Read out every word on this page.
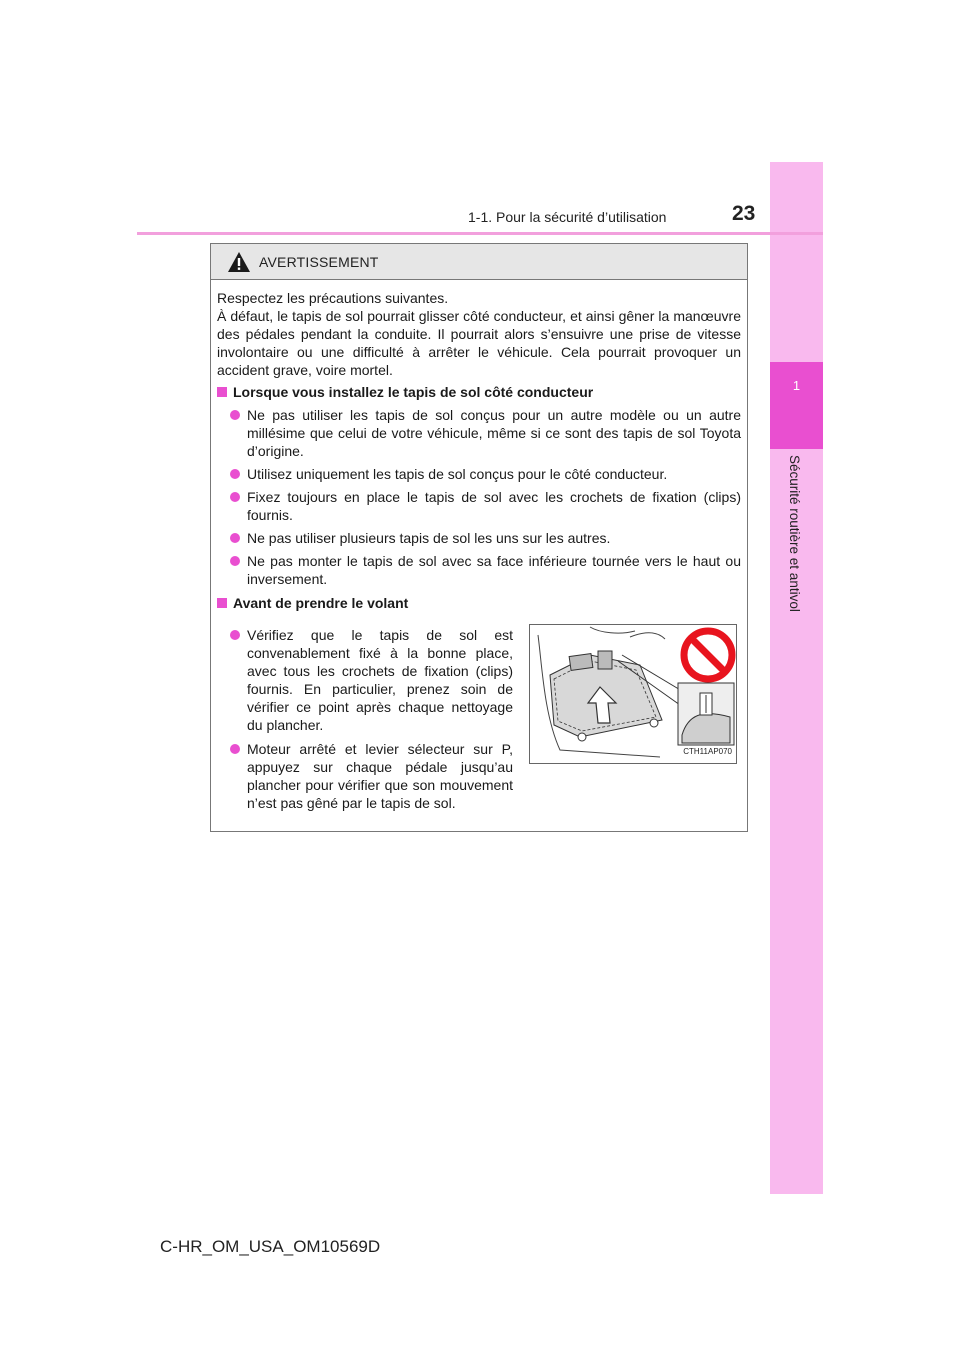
1
Sécurité routière et antivol
1-1. Pour la sécurité d’utilisation	23
AVERTISSEMENT
Respectez les précautions suivantes.
À défaut, le tapis de sol pourrait glisser côté conducteur, et ainsi gêner la manœuvre des pédales pendant la conduite. Il pourrait alors s’ensuivre une prise de vitesse involontaire ou une difficulté à arrêter le véhicule. Cela pourrait provoquer un accident grave, voire mortel.
Lorsque vous installez le tapis de sol côté conducteur
Ne pas utiliser les tapis de sol conçus pour un autre modèle ou un autre millésime que celui de votre véhicule, même si ce sont des tapis de sol Toyota d’origine.
Utilisez uniquement les tapis de sol conçus pour le côté conducteur.
Fixez toujours en place le tapis de sol avec les crochets de fixation (clips) fournis.
Ne pas utiliser plusieurs tapis de sol les uns sur les autres.
Ne pas monter le tapis de sol avec sa face inférieure tournée vers le haut ou inversement.
Avant de prendre le volant
Vérifiez que le tapis de sol est convenablement fixé à la bonne place, avec tous les crochets de fixation (clips) fournis. En particulier, prenez soin de vérifier ce point après chaque nettoyage du plancher.
Moteur arrêté et levier sélecteur sur P, appuyez sur chaque pédale jusqu’au plancher pour vérifier que son mouvement n’est pas gêné par le tapis de sol.
CTH11AP070
C-HR_OM_USA_OM10569D
